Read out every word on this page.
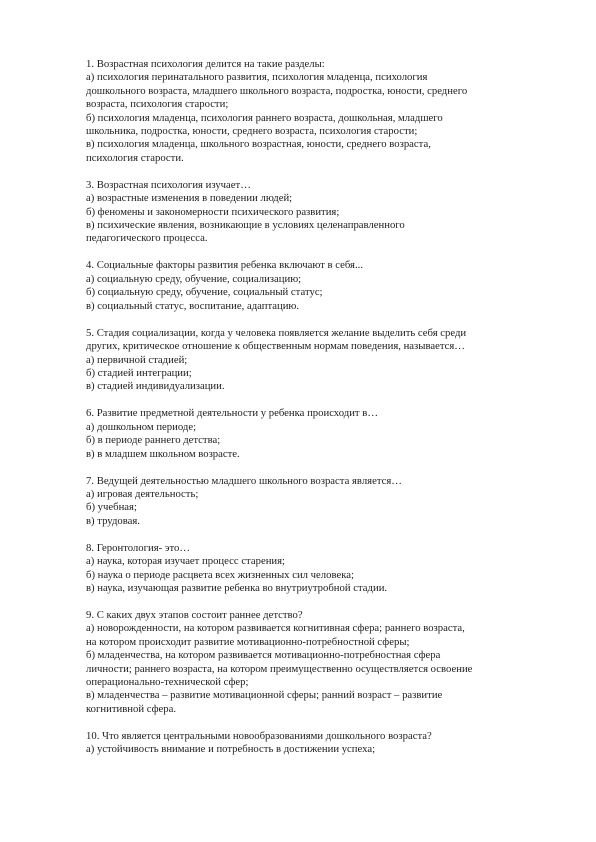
1. Возрастная психология делится на такие разделы:
а) психология перинатального развития, психология младенца, психология
дошкольного возраста, младшего школьного возраста, подростка, юности, среднего
возраста, психология старости;
б) психология младенца, психология раннего возраста, дошкольная, младшего
школьника, подростка, юности, среднего возраста, психология старости;
в) психология младенца, школьного возрастная, юности, среднего возраста,
психология старости.
3. Возрастная психология изучает…
а) возрастные изменения в поведении людей;
б) феномены и закономерности психического развития;
в) психические явления, возникающие в условиях целенаправленного
педагогического процесса.
4. Социальные факторы развития ребенка включают в себя...
а) социальную среду, обучение, социализацию;
б) социальную среду, обучение, социальный статус;
в) социальный статус, воспитание, адаптацию.
5. Стадия социализации, когда у человека появляется желание выделить себя среди
других, критическое отношение к общественным нормам поведения, называется…
а) первичной стадией;
б) стадией интеграции;
в) стадией индивидуализации.
6. Развитие предметной деятельности у ребенка происходит в…
а) дошкольном периоде;
б) в периоде раннего детства;
в) в младшем школьном возрасте.
7. Ведущей деятельностью младшего школьного возраста является…
а) игровая деятельность;
б) учебная;
в) трудовая.
8. Геронтология- это…
а) наука, которая изучает процесс старения;
б) наука о периоде расцвета всех жизненных сил человека;
в) наука, изучающая развитие ребенка во внутриутробной стадии.
9. С каких двух этапов состоит раннее детство?
а) новорожденности, на котором развивается когнитивная сфера; раннего возраста,
на котором происходит развитие мотивационно-потребностной сферы;
б) младенчества, на котором развивается мотивационно-потребностная сфера
личности; раннего возраста, на котором преимущественно осуществляется освоение
операционально-технической сфер;
в) младенчества – развитие мотивационной сферы; ранний возраст – развитие
когнитивной сфера.
10. Что является центральными новообразованиями дошкольного возраста?
а) устойчивость внимание и потребность в достижении успеха;
